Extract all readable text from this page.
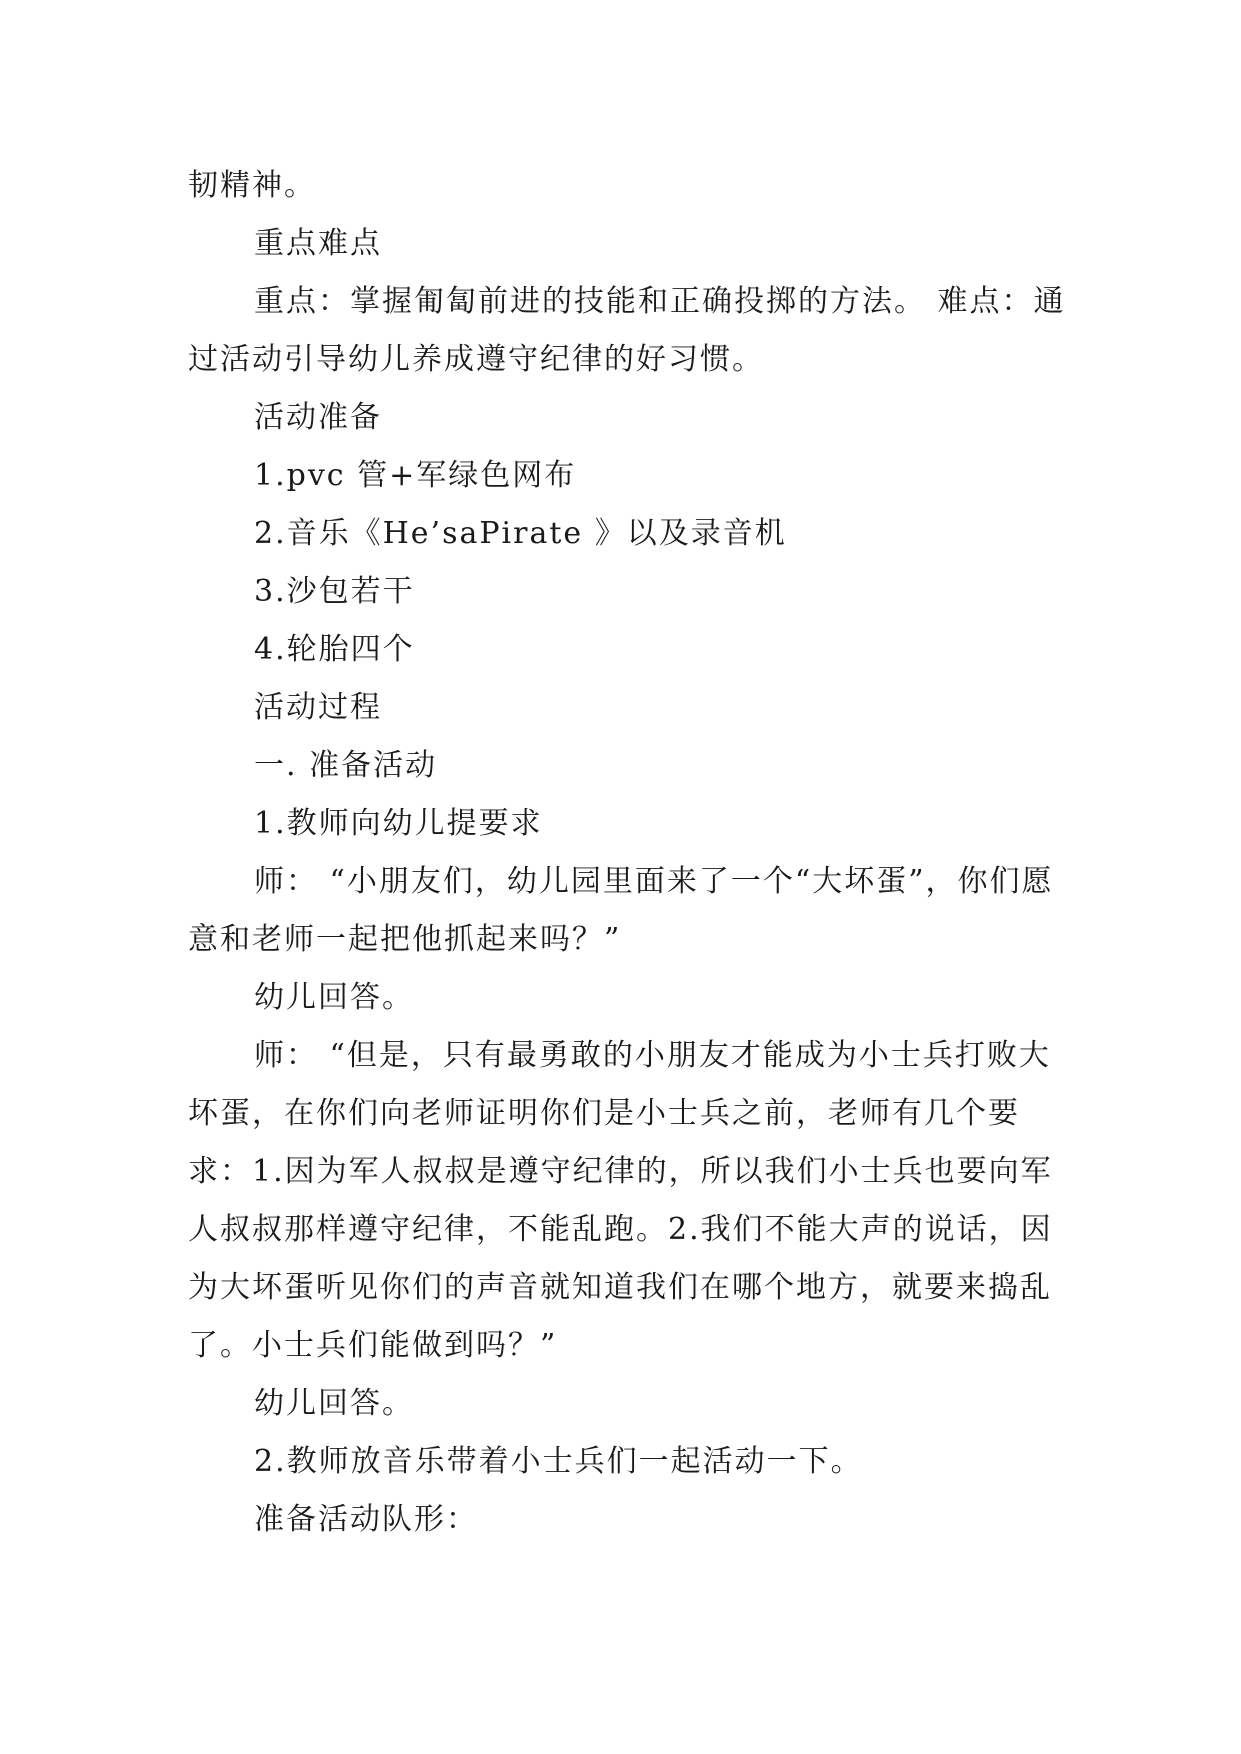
韧精神。

重点难点

重点：掌握匍匐前进的技能和正确投掷的方法。 难点：通过活动引导幼儿养成遵守纪律的好习惯。

活动准备

1.pvc 管+军绿色网布

2.音乐《He’saPirate 》以及录音机

3.沙包若干

4.轮胎四个

活动过程

一. 准备活动

1.教师向幼儿提要求

师： “小朋友们，幼儿园里面来了一个“大坏蛋”，你们愿意和老师一起把他抓起来吗？”

幼儿回答。

师： “但是，只有最勇敢的小朋友才能成为小士兵打败大坏蛋，在你们向老师证明你们是小士兵之前，老师有几个要求：1.因为军人叔叔是遵守纪律的，所以我们小士兵也要向军人叔叔那样遵守纪律，不能乱跑。2.我们不能大声的说话，因为大坏蛋听见你们的声音就知道我们在哪个地方，就要来捣乱了。小士兵们能做到吗？”

幼儿回答。

2.教师放音乐带着小士兵们一起活动一下。

准备活动队形：
